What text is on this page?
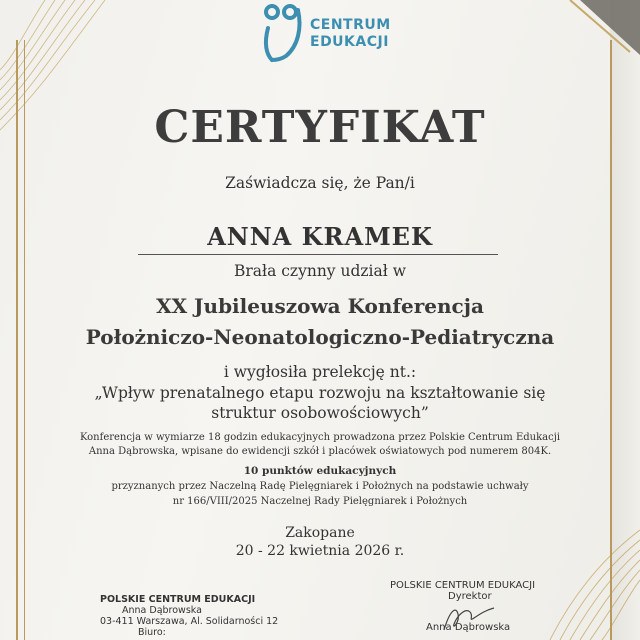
CENTRUM
EDUKACJI
CERTYFIKAT
Zaświadcza się, że Pan/i
ANNA KRAMEK
Brała czynny udział w
XX Jubileuszowa Konferencja
Położniczo-Neonatologiczno-Pediatryczna
i wygłosiła prelekcję nt.:
„Wpływ prenatalnego etapu rozwoju na kształtowanie się
struktur osobowościowych”
Konferencja w wymiarze 18 godzin edukacyjnych prowadzona przez Polskie Centrum Edukacji
Anna Dąbrowska, wpisane do ewidencji szkół i placówek oświatowych pod numerem 804K.
10 punktów edukacyjnych
przyznanych przez Naczelną Radę Pielęgniarek i Położnych na podstawie uchwały
nr 166/VIII/2025 Naczelnej Rady Pielęgniarek i Położnych
Zakopane
20 - 22 kwietnia 2026 r.
POLSKIE CENTRUM EDUKACJI
Anna Dąbrowska
03-411 Warszawa, Al. Solidarności 12
Biuro:
POLSKIE CENTRUM EDUKACJI
Dyrektor
Anna Dąbrowska
